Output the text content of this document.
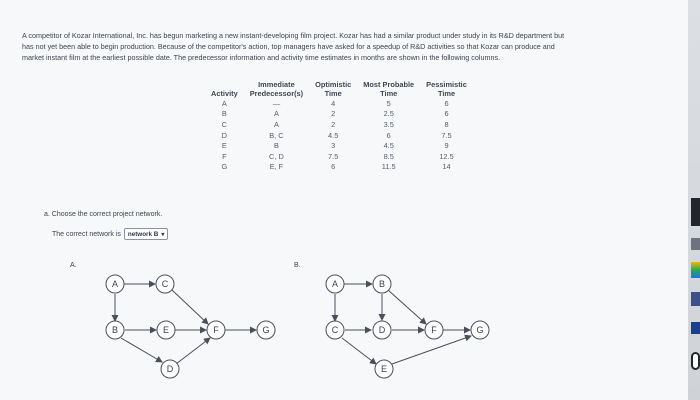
A competitor of Kozar International, Inc. has begun marketing a new instant-developing film project. Kozar has had a similar product under study in its R&D department but
has not yet been able to begin production. Because of the competitor's action, top managers have asked for a speedup of R&D activities so that Kozar can produce and
market instant film at the earliest possible date. The predecessor information and activity time estimates in months are shown in the following columns.
	Immediate	Optimistic	Most Probable	Pessimistic
Activity	Predecessor(s)	Time	Time	Time
A	—	4	5	6
B	A	2	2.5	6
C	A	2	3.5	8
D	B, C	4.5	6	7.5
E	B	3	4.5	9
F	C, D	7.5	8.5	12.5
G	E, F	6	11.5	14
a. Choose the correct project network.
The correct network is network B ▾
A.	B.
A	C
B	E	F	G
D
A	B
C	D	F	G
E
